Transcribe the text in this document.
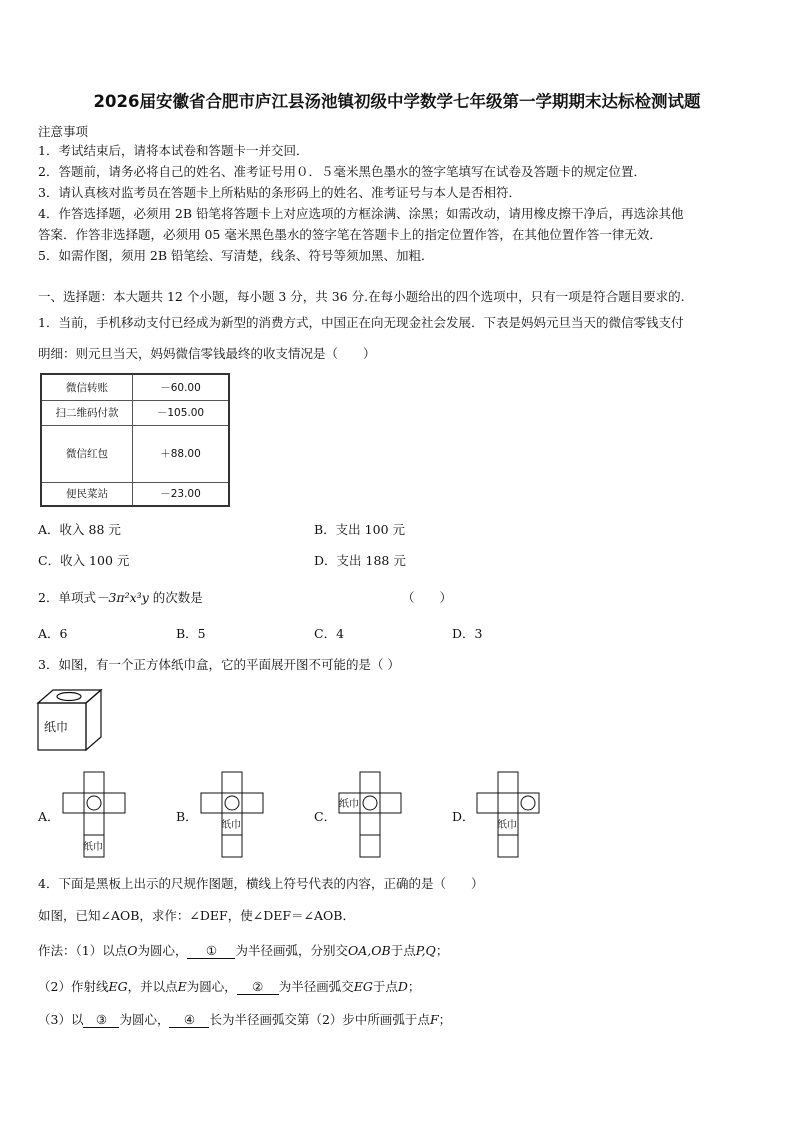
2026届安徽省合肥市庐江县汤池镇初级中学数学七年级第一学期期末达标检测试题
注意事项
1．考试结束后，请将本试卷和答题卡一并交回．
2．答题前，请务必将自己的姓名、准考证号用０．５毫米黑色墨水的签字笔填写在试卷及答题卡的规定位置．
3．请认真核对监考员在答题卡上所粘贴的条形码上的姓名、准考证号与本人是否相符．
4．作答选择题，必须用 2B 铅笔将答题卡上对应选项的方框涂满、涂黑；如需改动，请用橡皮擦干净后，再选涂其他
答案．作答非选择题，必须用 05 毫米黑色墨水的签字笔在答题卡上的指定位置作答，在其他位置作答一律无效．
5．如需作图，须用 2B 铅笔绘、写清楚，线条、符号等须加黑、加粗．
一、选择题：本大题共 12 个小题，每小题 3 分，共 36 分.在每小题给出的四个选项中，只有一项是符合题目要求的.
1．当前，手机移动支付已经成为新型的消费方式，中国正在向无现金社会发展．下表是妈妈元旦当天的微信零钱支付
明细：则元旦当天，妈妈微信零钱最终的收支情况是（　　）
微信转账	－60.00
扫二维码付款	－105.00
微信红包	＋88.00
便民菜站	－23.00
A．收入 88 元	B．支出 100 元
C．收入 100 元	D．支出 188 元
2．单项式－3π²x³y 的次数是	（　　）
A．6	B．5	C．4	D．3
3．如图，有一个正方体纸巾盒，它的平面展开图不可能的是（ ）
纸巾
A．
纸巾
B．
纸巾
C．
纸巾
D．
纸巾
4．下面是黑板上出示的尺规作图题，横线上符号代表的内容，正确的是（　　）
如图，已知∠AOB，求作：∠DEF，使∠DEF＝∠AOB．
作法：（1）以点O为圆心， ① 为半径画弧，分别交OA,OB于点P,Q；
（2）作射线EG，并以点E为圆心， ② 为半径画弧交EG于点D；
（3）以 ③ 为圆心， ④ 长为半径画弧交第（2）步中所画弧于点F；
